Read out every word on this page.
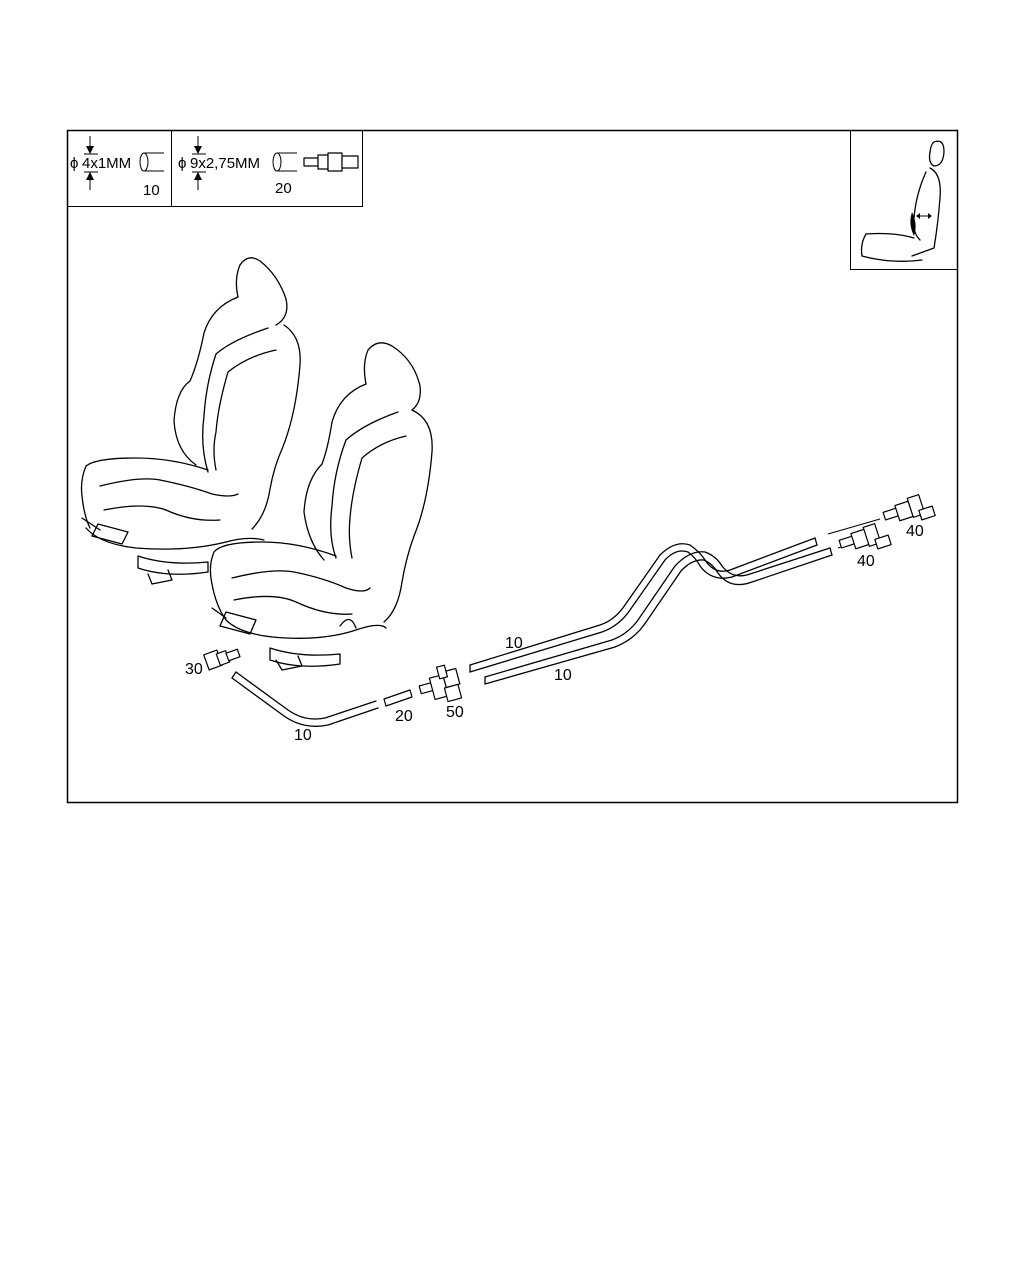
ϕ 4x1MM
10
ϕ 9x2,75MM
20
10
10
10
20
30
50
40
40
